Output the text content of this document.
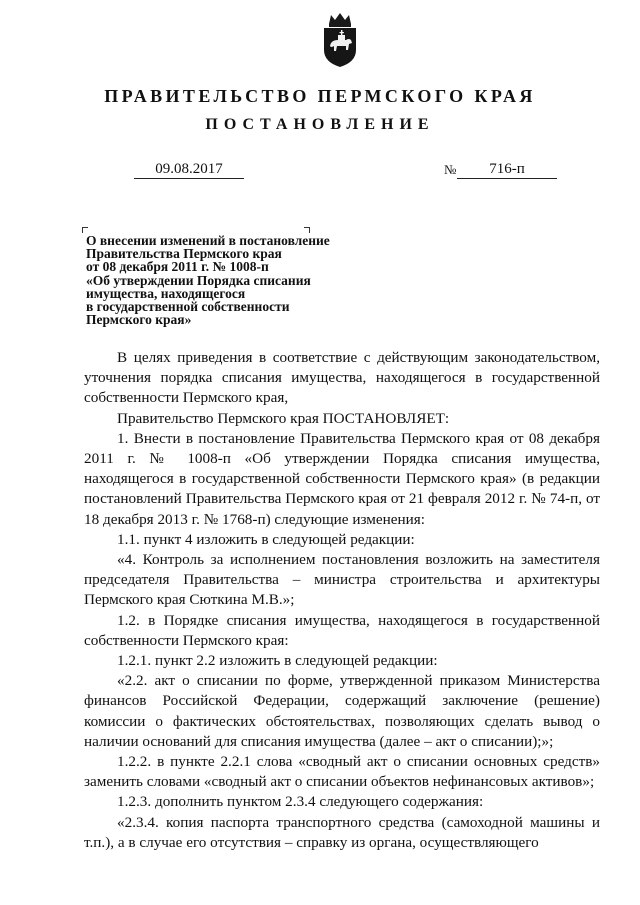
ПРАВИТЕЛЬСТВО ПЕРМСКОГО КРАЯ
ПОСТАНОВЛЕНИЕ
09.08.2017	№	716-п
О внесении изменений в постановление
Правительства Пермского края
от 08 декабря 2011 г. № 1008-п
«Об утверждении Порядка списания
имущества, находящегося
в государственной собственности
Пермского края»

В целях приведения в соответствие с действующим законодательством, уточнения порядка списания имущества, находящегося в государственной собственности Пермского края,

Правительство Пермского края ПОСТАНОВЛЯЕТ:

1. Внести в постановление Правительства Пермского края от 08 декабря 2011 г. № 1008-п «Об утверждении Порядка списания имущества, находящегося в государственной собственности Пермского края» (в редакции постановлений Правительства Пермского края от 21 февраля 2012 г. № 74-п, от 18 декабря 2013 г. № 1768-п) следующие изменения:

1.1. пункт 4 изложить в следующей редакции:

«4. Контроль за исполнением постановления возложить на заместителя председателя Правительства – министра строительства и архитектуры Пермского края Сюткина М.В.»;

1.2. в Порядке списания имущества, находящегося в государственной собственности Пермского края:

1.2.1. пункт 2.2 изложить в следующей редакции:

«2.2. акт о списании по форме, утвержденной приказом Министерства финансов Российской Федерации, содержащий заключение (решение) комиссии о фактических обстоятельствах, позволяющих сделать вывод о наличии оснований для списания имущества (далее – акт о списании);»;

1.2.2. в пункте 2.2.1 слова «сводный акт о списании основных средств» заменить словами «сводный акт о списании объектов нефинансовых активов»;

1.2.3. дополнить пунктом 2.3.4 следующего содержания:

«2.3.4. копия паспорта транспортного средства (самоходной машины и т.п.), а в случае его отсутствия – справку из органа, осуществляющего
